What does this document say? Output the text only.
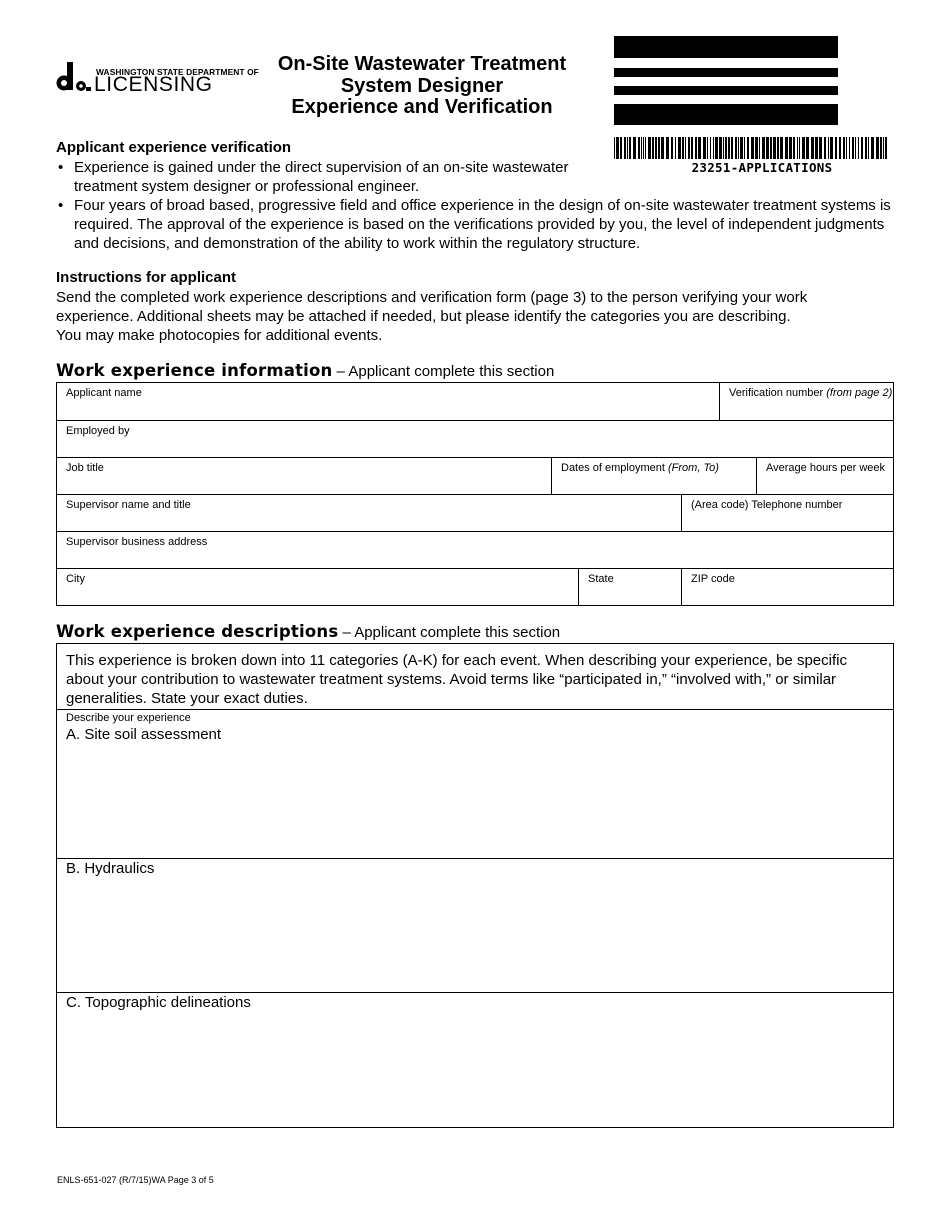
WASHINGTON STATE DEPARTMENT OF
LICENSING
On-Site Wastewater Treatment
System Designer
Experience and Verification
23251-APPLICATIONS
Applicant experience verification
• Experience is gained under the direct supervision of an on-site wastewater treatment system designer or professional engineer.
• Four years of broad based, progressive field and office experience in the design of on-site wastewater treatment systems is required. The approval of the experience is based on the verifications provided by you, the level of independent judgments and decisions, and demonstration of the ability to work within the regulatory structure.
Instructions for applicant
Send the completed work experience descriptions and verification form (page 3) to the person verifying your work
experience. Additional sheets may be attached if needed, but please identify the categories you are describing.
You may make photocopies for additional events.
Work experience information – Applicant complete this section
Applicant name	Verification number (from page 2)
Employed by
Job title	Dates of employment (From, To)	Average hours per week
Supervisor name and title	(Area code) Telephone number
Supervisor business address
City	State	ZIP code
Work experience descriptions – Applicant complete this section
This experience is broken down into 11 categories (A-K) for each event. When describing your experience, be specific about your contribution to wastewater treatment systems. Avoid terms like “participated in,” “involved with,” or similar generalities. State your exact duties.
Describe your experience
A. Site soil assessment
B. Hydraulics
C. Topographic delineations
ENLS-651-027 (R/7/15)WA Page 3 of 5
